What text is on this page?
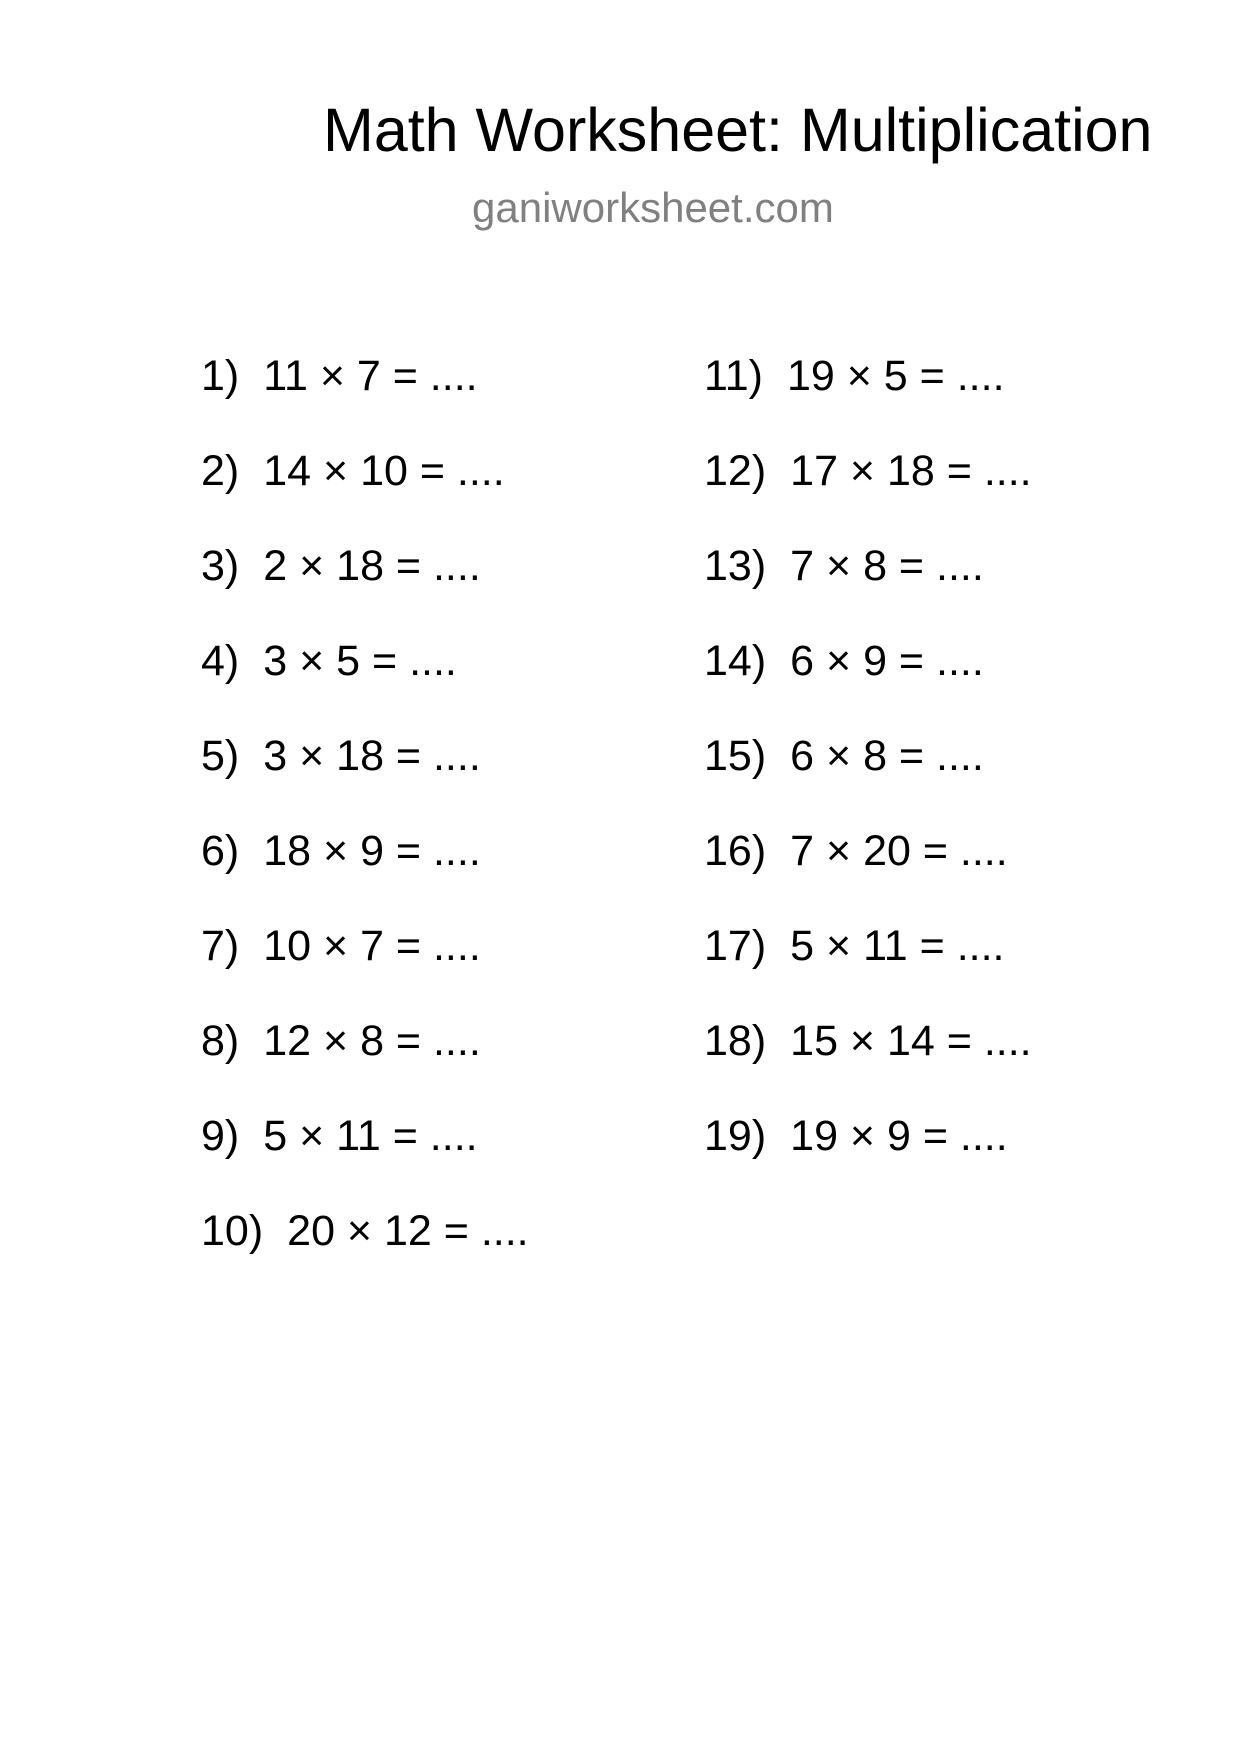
Math Worksheet: Multiplication
ganiworksheet.com
1) 11 × 7 = ....
2) 14 × 10 = ....
3) 2 × 18 = ....
4) 3 × 5 = ....
5) 3 × 18 = ....
6) 18 × 9 = ....
7) 10 × 7 = ....
8) 12 × 8 = ....
9) 5 × 11 = ....
10) 20 × 12 = ....
11) 19 × 5 = ....
12) 17 × 18 = ....
13) 7 × 8 = ....
14) 6 × 9 = ....
15) 6 × 8 = ....
16) 7 × 20 = ....
17) 5 × 11 = ....
18) 15 × 14 = ....
19) 19 × 9 = ....
